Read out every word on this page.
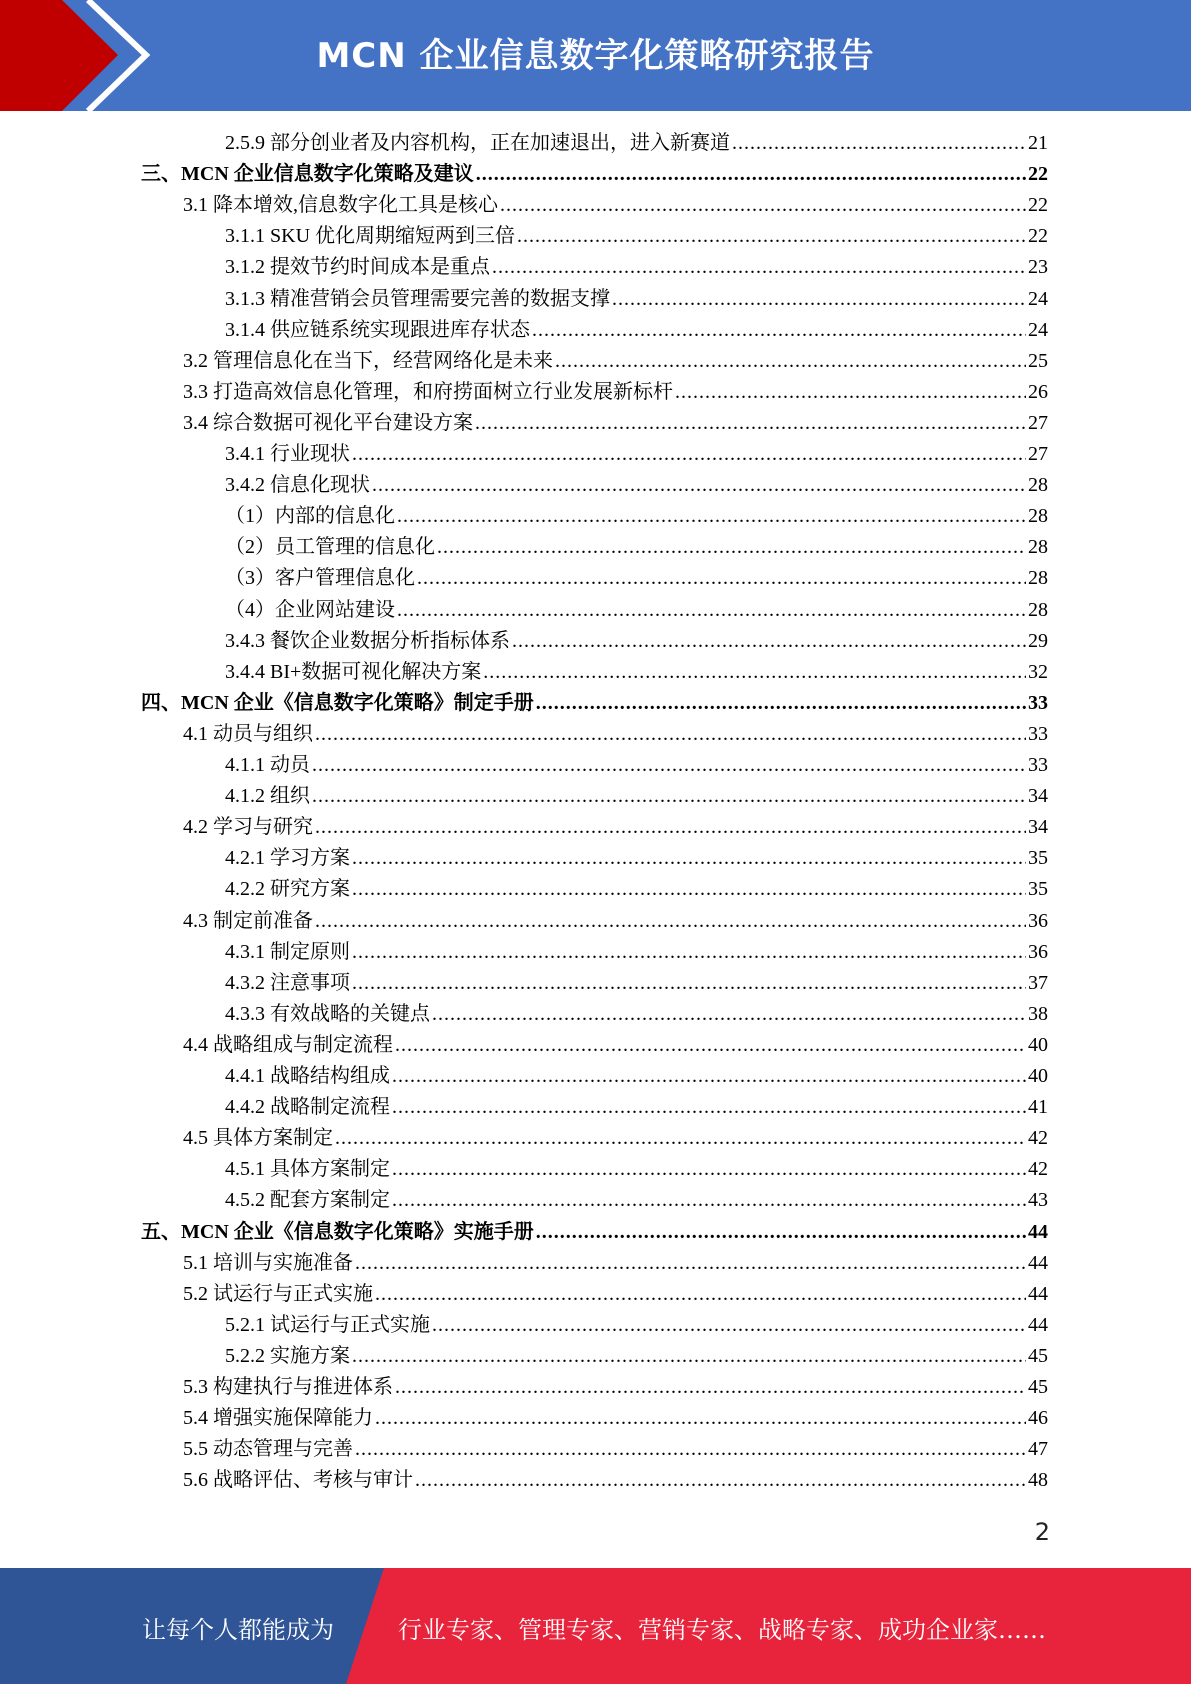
MCN 企业信息数字化策略研究报告
2.5.9 部分创业者及内容机构，正在加速退出，进入新赛道 .....	21
三、MCN 企业信息数字化策略及建议 .....	22
3.1 降本增效,信息数字化工具是核心 .....	22
3.1.1 SKU 优化周期缩短两到三倍 .....	22
3.1.2 提效节约时间成本是重点 .....	23
3.1.3 精准营销会员管理需要完善的数据支撑 .....	24
3.1.4 供应链系统实现跟进库存状态 .....	24
3.2 管理信息化在当下，经营网络化是未来 .....	25
3.3 打造高效信息化管理，和府捞面树立行业发展新标杆 .....	26
3.4 综合数据可视化平台建设方案 .....	27
3.4.1 行业现状 .....	27
3.4.2 信息化现状 .....	28
（1）内部的信息化 .....	28
（2）员工管理的信息化 .....	28
（3）客户管理信息化 .....	28
（4）企业网站建设 .....	28
3.4.3 餐饮企业数据分析指标体系 .....	29
3.4.4 BI+数据可视化解决方案 .....	32
四、MCN 企业《信息数字化策略》制定手册 .....	33
4.1 动员与组织 .....	33
4.1.1 动员 .....	33
4.1.2 组织 .....	34
4.2 学习与研究 .....	34
4.2.1 学习方案 .....	35
4.2.2 研究方案 .....	35
4.3 制定前准备 .....	36
4.3.1 制定原则 .....	36
4.3.2 注意事项 .....	37
4.3.3 有效战略的关键点 .....	38
4.4 战略组成与制定流程 .....	40
4.4.1 战略结构组成 .....	40
4.4.2 战略制定流程 .....	41
4.5 具体方案制定 .....	42
4.5.1 具体方案制定 .....	42
4.5.2 配套方案制定 .....	43
五、MCN 企业《信息数字化策略》实施手册 .....	44
5.1 培训与实施准备 .....	44
5.2 试运行与正式实施 .....	44
5.2.1 试运行与正式实施 .....	44
5.2.2 实施方案 .....	45
5.3 构建执行与推进体系 .....	45
5.4 增强实施保障能力 .....	46
5.5 动态管理与完善 .....	47
5.6 战略评估、考核与审计 .....	48
2
让每个人都能成为	行业专家、管理专家、营销专家、战略专家、成功企业家……
